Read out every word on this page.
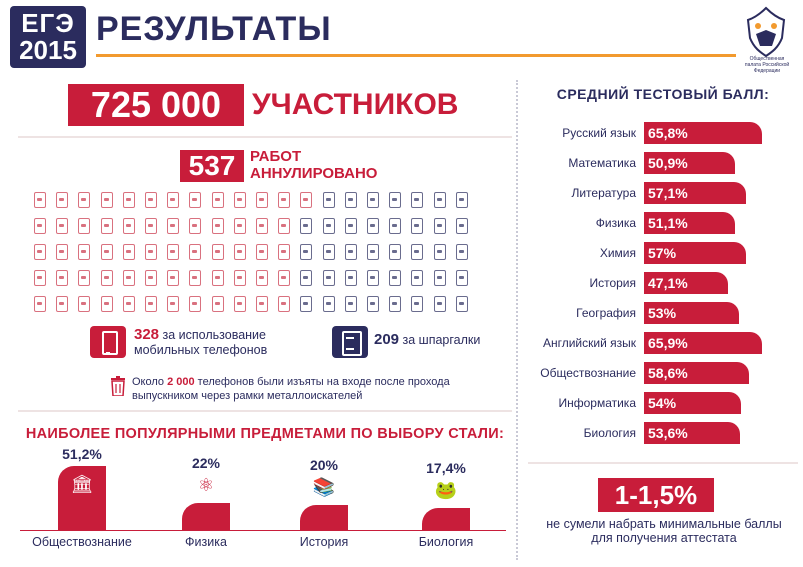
ЕГЭ
2015
РЕЗУЛЬТАТЫ
Общественная палата Российской Федерации
725 000	УЧАСТНИКОВ
537 РАБОТ
АННУЛИРОВАНО
328 за использование мобильных телефонов
209 за шпаргалки
Около 2 000 телефонов были изъяты на входе после прохода выпускником через рамки металлоискателей
НАИБОЛЕЕ ПОПУЛЯРНЫМИ ПРЕДМЕТАМИ ПО ВЫБОРУ СТАЛИ:
51,2%
🏛
Обществознание
22%
⚛
Физика
20%
📚
История
17,4%
🐸
Биология
СРЕДНИЙ ТЕСТОВЫЙ БАЛЛ:
Русский язык 65,8%
Математика 50,9%
Литература 57,1%
Физика 51,1%
Химия 57%
История 47,1%
География 53%
Английский язык 65,9%
Обществознание 58,6%
Информатика 54%
Биология 53,6%
1-1,5%
не сумели набрать минимальные баллы для получения аттестата
